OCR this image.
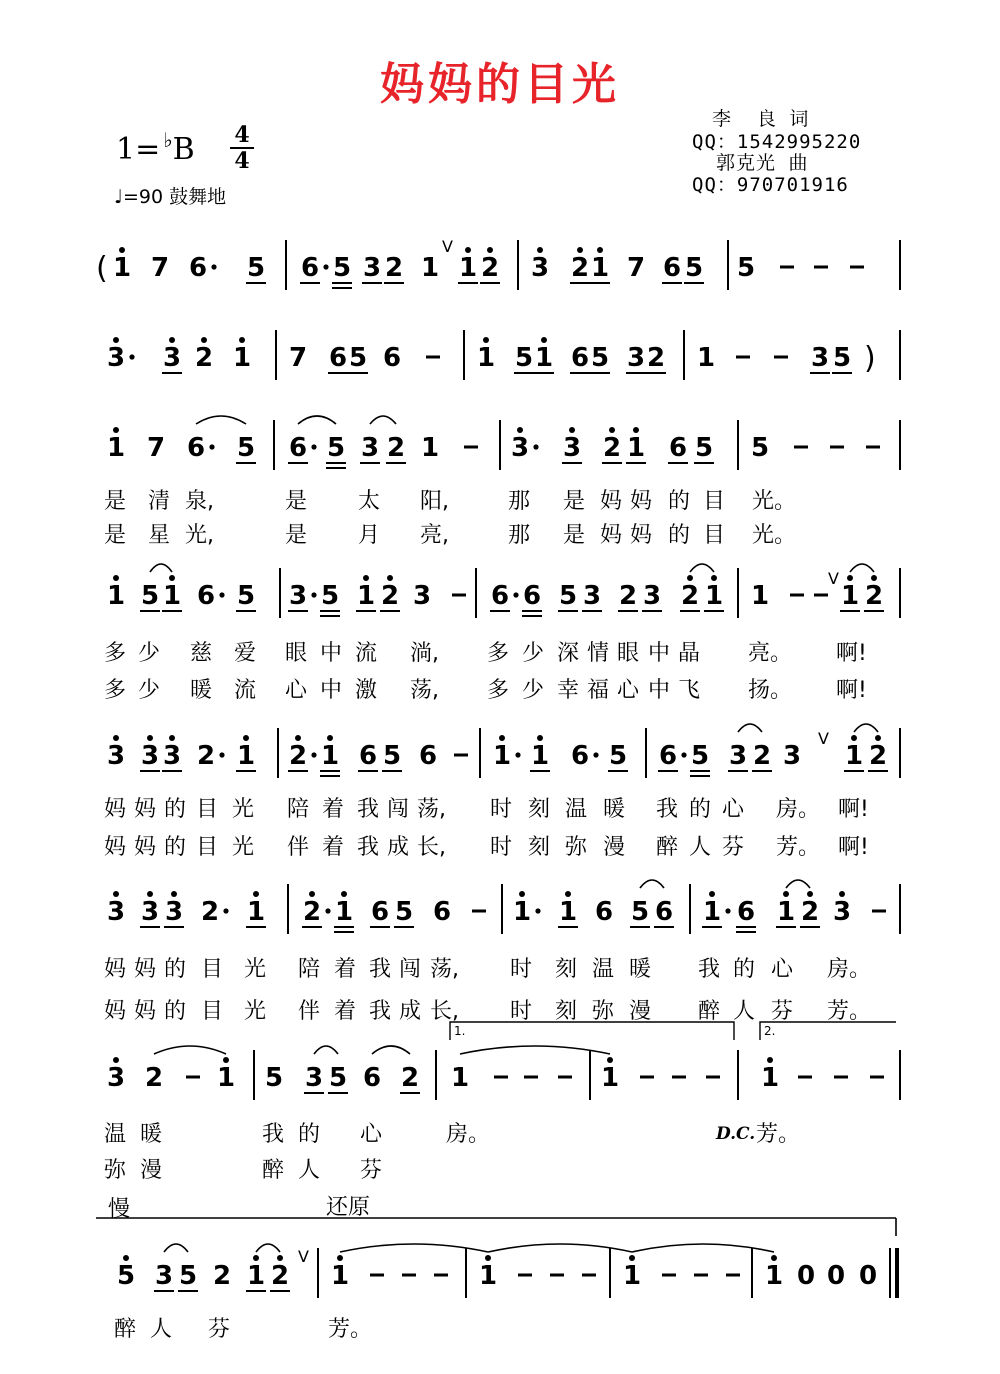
妈妈的目光
李  良 词
QQ：1542995220
郭克光 曲
QQ：970701916
1= ♭B 4
4
♩=90 鼓舞地
( 1 7 6 5 6 5 3 2 1 1 2 3 2 1 7 6 5 5
V
3 3 2 1 7 6 5 6	1 5 1 6 5 3 2 1	3 5 )
1 7 6 5 6 5 3 2 1	3 3 2 1 6 5 5
1 5 1 6 5 3 5 1 2 3 6 6 5 3 2 3 2 1 1	1 2
V
3 3 3 2 1 2 1 6 5 6 1 1 6 5 6 5 3 2 3 1 2
V
3 3 3 2 1 2 1 6 5 6 1 1 6 5 6 1 6 1 2 3
3 2 1 5 3 5 6 2 1	1	1
5 3 5 2 1 2 1	1	1	1 0 0 0
V
是 清 泉,	是 太 阳,	那 是 妈 妈 的 目 光。
是 星 光,	是 月 亮,	那 是 妈 妈 的 目 光。
多 少 慈 爱 眼 中 流 淌, 多 少 深 情 眼 中 晶 亮。 啊!
多 少 暖 流 心 中 激 荡, 多 少 幸 福 心 中 飞 扬。 啊!
妈 妈 的 目 光 陪 着 我 闯 荡, 时 刻 温 暖 我 的 心 房。 啊!
妈 妈 的 目 光 伴 着 我 成 长, 时 刻 弥 漫 醉 人 芬 芳。 啊!
妈 妈 的 目 光 陪 着 我 闯 荡, 时 刻 温 暖 我 的 心 房。
妈 妈 的 目 光 伴 着 我 成 长, 时 刻 弥 漫 醉 人 芬 芳。
温 暖	我 的 心	房。	芳。
弥 漫	醉 人 芬
醉 人 芬	芳。
1.	2.
D.C.
慢	还原
